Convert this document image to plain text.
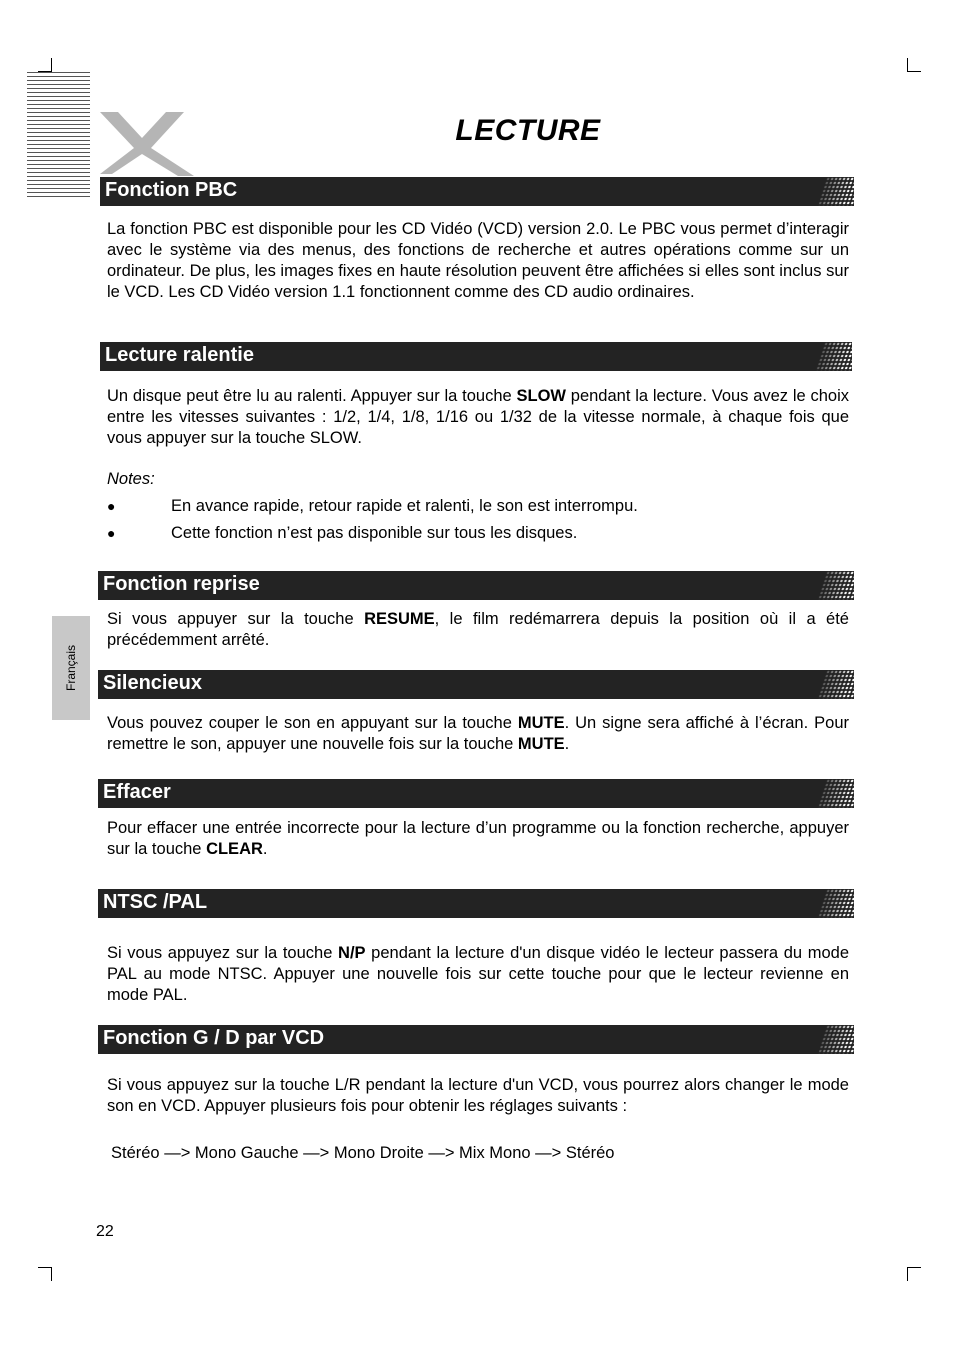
LECTURE
Fonction PBC
La fonction PBC est disponible pour les CD Vidéo (VCD) version 2.0. Le PBC vous permet d’interagir avec le système via des menus, des fonctions de recherche et autres opérations comme sur un ordinateur. De plus, les images fixes en haute résolution peuvent être affichées si elles sont inclus sur le VCD. Les CD Vidéo version 1.1 fonctionnent comme des CD audio ordinaires.
Lecture ralentie
Un disque peut être lu au ralenti. Appuyer sur la touche SLOW pendant la lecture. Vous avez le choix entre les vitesses suivantes : 1/2, 1/4, 1/8, 1/16 ou 1/32 de la vitesse normale, à chaque fois que vous appuyer sur la touche SLOW.
Notes:
●	En avance rapide, retour rapide et ralenti, le son est interrompu.
●	Cette fonction n’est pas disponible sur tous les disques.
Fonction reprise
Si vous appuyer sur la touche RESUME, le film redémarrera depuis la position où il a été précédemment arrêté.
Français Silencieux
Vous pouvez couper le son en appuyant sur la touche MUTE. Un signe sera affiché à l’écran. Pour remettre le son, appuyer une nouvelle fois sur la touche MUTE.
Effacer
Pour effacer une entrée incorrecte pour la lecture d’un programme ou la fonction recherche, appuyer sur la touche CLEAR.
NTSC /PAL
Si vous appuyez sur la touche N/P pendant la lecture d'un disque vidéo le lecteur passera du mode PAL au mode NTSC. Appuyer une nouvelle fois sur cette touche pour que le lecteur revienne en mode PAL.
Fonction G / D par VCD
Si vous appuyez sur la touche L/R pendant la lecture d'un VCD, vous pourrez alors changer le mode son en VCD. Appuyer plusieurs fois pour obtenir les réglages suivants :
Stéréo —> Mono Gauche —> Mono Droite —> Mix Mono —> Stéréo
22
